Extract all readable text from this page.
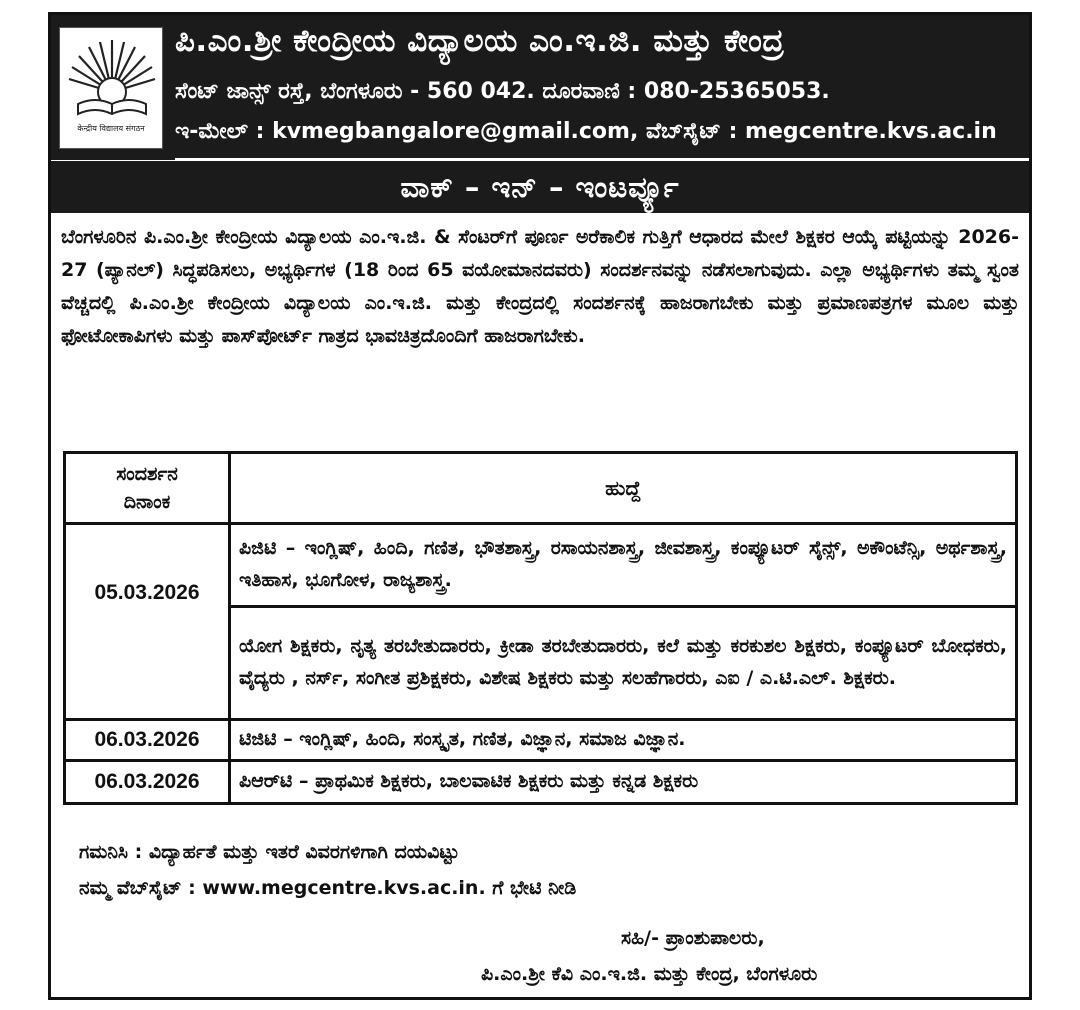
केन्द्रीय विद्यालय संगठन
ಪಿ.ಎಂ.ಶ್ರೀ ಕೇಂದ್ರೀಯ ವಿದ್ಯಾಲಯ ಎಂ.ಇ.ಜಿ. ಮತ್ತು ಕೇಂದ್ರ
ಸೆಂಟ್ ಜಾನ್ಸ್ ರಸ್ತೆ, ಬೆಂಗಳೂರು - 560 042. ದೂರವಾಣಿ : 080-25365053.
ಇ-ಮೇಲ್ : kvmegbangalore@gmail.com, ವೆಬ್‌ಸೈಟ್ : megcentre.kvs.ac.in
ವಾಕ್ – ಇನ್ – ಇಂಟರ್ವ್ಯೂ
ಬೆಂಗಳೂರಿನ ಪಿ.ಎಂ.ಶ್ರೀ ಕೇಂದ್ರೀಯ ವಿದ್ಯಾಲಯ ಎಂ.ಇ.ಜಿ. & ಸೆಂಟರ್‌ಗೆ ಪೂರ್ಣ ಅರೆಕಾಲಿಕ ಗುತ್ತಿಗೆ ಆಧಾರದ ಮೇಲೆ ಶಿಕ್ಷಕರ ಆಯ್ಕೆ ಪಟ್ಟಿಯನ್ನು 2026-27 (ಪ್ಯಾನಲ್) ಸಿದ್ಧಪಡಿಸಲು, ಅಭ್ಯರ್ಥಿಗಳ (18 ರಿಂದ 65 ವಯೋಮಾನದವರು) ಸಂದರ್ಶನವನ್ನು ನಡೆಸಲಾಗುವುದು. ಎಲ್ಲಾ ಅಭ್ಯರ್ಥಿಗಳು ತಮ್ಮ ಸ್ವಂತ ವೆಚ್ಚದಲ್ಲಿ ಪಿ.ಎಂ.ಶ್ರೀ ಕೇಂದ್ರೀಯ ವಿದ್ಯಾಲಯ ಎಂ.ಇ.ಜಿ. ಮತ್ತು ಕೇಂದ್ರದಲ್ಲಿ ಸಂದರ್ಶನಕ್ಕೆ ಹಾಜರಾಗಬೇಕು ಮತ್ತು ಪ್ರಮಾಣಪತ್ರಗಳ ಮೂಲ ಮತ್ತು ಫೋಟೋಕಾಪಿಗಳು ಮತ್ತು ಪಾಸ್‌ಪೋರ್ಟ್ ಗಾತ್ರದ ಭಾವಚಿತ್ರದೊಂದಿಗೆ ಹಾಜರಾಗಬೇಕು.
ಸಂದರ್ಶನ
ದಿನಾಂಕ	ಹುದ್ದೆ
05.03.2026	ಪಿಜಿಟಿ – ಇಂಗ್ಲಿಷ್, ಹಿಂದಿ, ಗಣಿತ, ಭೌತಶಾಸ್ತ್ರ, ರಸಾಯನಶಾಸ್ತ್ರ, ಜೀವಶಾಸ್ತ್ರ, ಕಂಪ್ಯೂಟರ್ ಸೈನ್ಸ್, ಅಕೌಂಟೆನ್ಸಿ, ಅರ್ಥಶಾಸ್ತ್ರ, ಇತಿಹಾಸ, ಭೂಗೋಳ, ರಾಜ್ಯಶಾಸ್ತ್ರ.
	ಯೋಗ ಶಿಕ್ಷಕರು, ನೃತ್ಯ ತರಬೇತುದಾರರು, ಕ್ರೀಡಾ ತರಬೇತುದಾರರು, ಕಲೆ ಮತ್ತು ಕರಕುಶಲ ಶಿಕ್ಷಕರು, ಕಂಪ್ಯೂಟರ್ ಬೋಧಕರು, ವೈದ್ಯರು , ನರ್ಸ್, ಸಂಗೀತ ಪ್ರಶಿಕ್ಷಕರು, ವಿಶೇಷ ಶಿಕ್ಷಕರು ಮತ್ತು ಸಲಹೆಗಾರರು, ಎಐ / ಎ.ಟಿ.ಎಲ್. ಶಿಕ್ಷಕರು.
06.03.2026	ಟಿಜಿಟಿ – ಇಂಗ್ಲಿಷ್, ಹಿಂದಿ, ಸಂಸ್ಕೃತ, ಗಣಿತ, ವಿಜ್ಞಾನ, ಸಮಾಜ ವಿಜ್ಞಾನ.
06.03.2026	ಪಿಆರ್‌ಟಿ – ಪ್ರಾಥಮಿಕ ಶಿಕ್ಷಕರು, ಬಾಲವಾಟಿಕ ಶಿಕ್ಷಕರು ಮತ್ತು ಕನ್ನಡ ಶಿಕ್ಷಕರು
ಗಮನಿಸಿ : ವಿದ್ಯಾರ್ಹತೆ ಮತ್ತು ಇತರೆ ವಿವರಗಳಿಗಾಗಿ ದಯವಿಟ್ಟು
ನಮ್ಮ ವೆಬ್‌ಸೈಟ್ : www.megcentre.kvs.ac.in. ಗೆ ಭೇಟಿ ನೀಡಿ
ಸಹಿ/- ಪ್ರಾಂಶುಪಾಲರು,
ಪಿ.ಎಂ.ಶ್ರೀ ಕೆವಿ ಎಂ.ಇ.ಜಿ. ಮತ್ತು ಕೇಂದ್ರ, ಬೆಂಗಳೂರು
